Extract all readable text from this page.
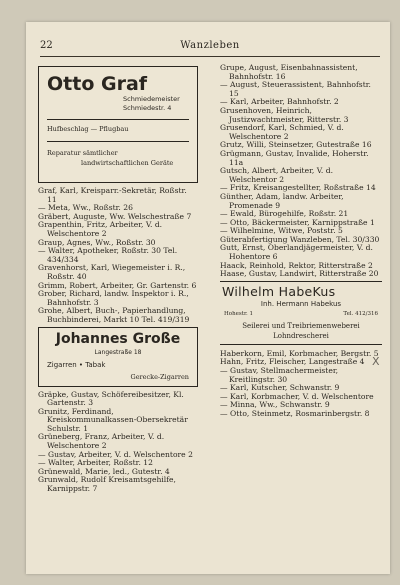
22	Wanzleben
Otto Graf
Schmiedemeister
Schmiedestr. 4
Hufbeschlag — Pflugbau
Reparatur sämtlicher
landwirtschaftlichen Geräte

Graf, Karl, Kreisparr.-Sekretär, Roßstr. 11

— Meta, Ww., Roßstr. 26

Gräbert, Auguste, Ww. Welschestraße 7

Grapenthin, Fritz, Arbeiter, V. d. Welschentore 2

Graup, Agnes, Ww., Roßstr. 30

— Walter, Apotheker, Roßstr. 30 Tel. 434/334

Gravenhorst, Karl, Wiegemeister i. R., Roßstr. 40

Grimm, Robert, Arbeiter, Gr. Gartenstr. 6

Grober, Richard, landw. Inspektor i. R., Bahnhofstr. 3

Grohe, Albert, Buch-, Papierhandlung, Buchbinderei, Markt 10 Tel. 419/319

Johannes Große
Langestraße 18
Zigarren • Tabak
Gerecke-Zigarren

Gräpke, Gustav, Schöfereibesitzer, Kl. Gartenstr. 3

Grunitz, Ferdinand, Kreiskommunalkassen-Obersekretär Schulstr. 1

Grüneberg, Franz, Arbeiter, V. d. Welschentore 2

— Gustav, Arbeiter, V. d. Welschentore 2

— Walter, Arbeiter, Roßstr. 12

Grünewald, Marie, led., Gutestr. 4

Grunwald, Rudolf Kreisamtsgehilfe, Karnippstr. 7

Grupe, August, Eisenbahnassistent, Bahnhofstr. 16

— August, Steuerassistent, Bahnhofstr. 15

— Karl, Arbeiter, Bahnhofstr. 2

Grusenhoven, Heinrich, Justizwachtmeister, Ritterstr. 3

Grusendorf, Karl, Schmied, V. d. Welschentore 2

Grutz, Willi, Steinsetzer, Gutestraße 16

Grügmann, Gustav, Invalide, Hoherstr. 11a

Gutsch, Albert, Arbeiter, V. d. Welschentor 2

— Fritz, Kreisangestellter, Roßstraße 14

Günther, Adam, landw. Arbeiter, Promenade 9

— Ewald, Bürogehilfe, Roßstr. 21

— Otto, Bäckermeister, Karnippstraße 1

— Wilhelmine, Witwe, Poststr. 5

Güterabfertigung Wanzleben, Tel. 30/330

Gutt, Ernst, Oberlandjägermeister, V. d. Hohentore 6

Haack, Reinhold, Rektor, Ritterstraße 2

Haase, Gustav, Landwirt, Ritterstraße 20

Wilhelm HabeKus
Inh. Hermann Habekus
Hohestr. 1	Tel. 412/316
Seilerei und Treibriemenweberei
Lohndrescherei

Haberkorn, Emil, Korbmacher, Bergstr. 5

Hahn, Fritz, Fleischer, Langestraße 4

— Gustav, Stellmachermeister, Kreitlingstr. 30

— Karl, Kutscher, Schwanstr. 9

— Karl, Korbmacher, V. d. Welschentore

— Minna, Ww., Schwanstr. 9

— Otto, Steinmetz, Rosmarinbergstr. 8

X
